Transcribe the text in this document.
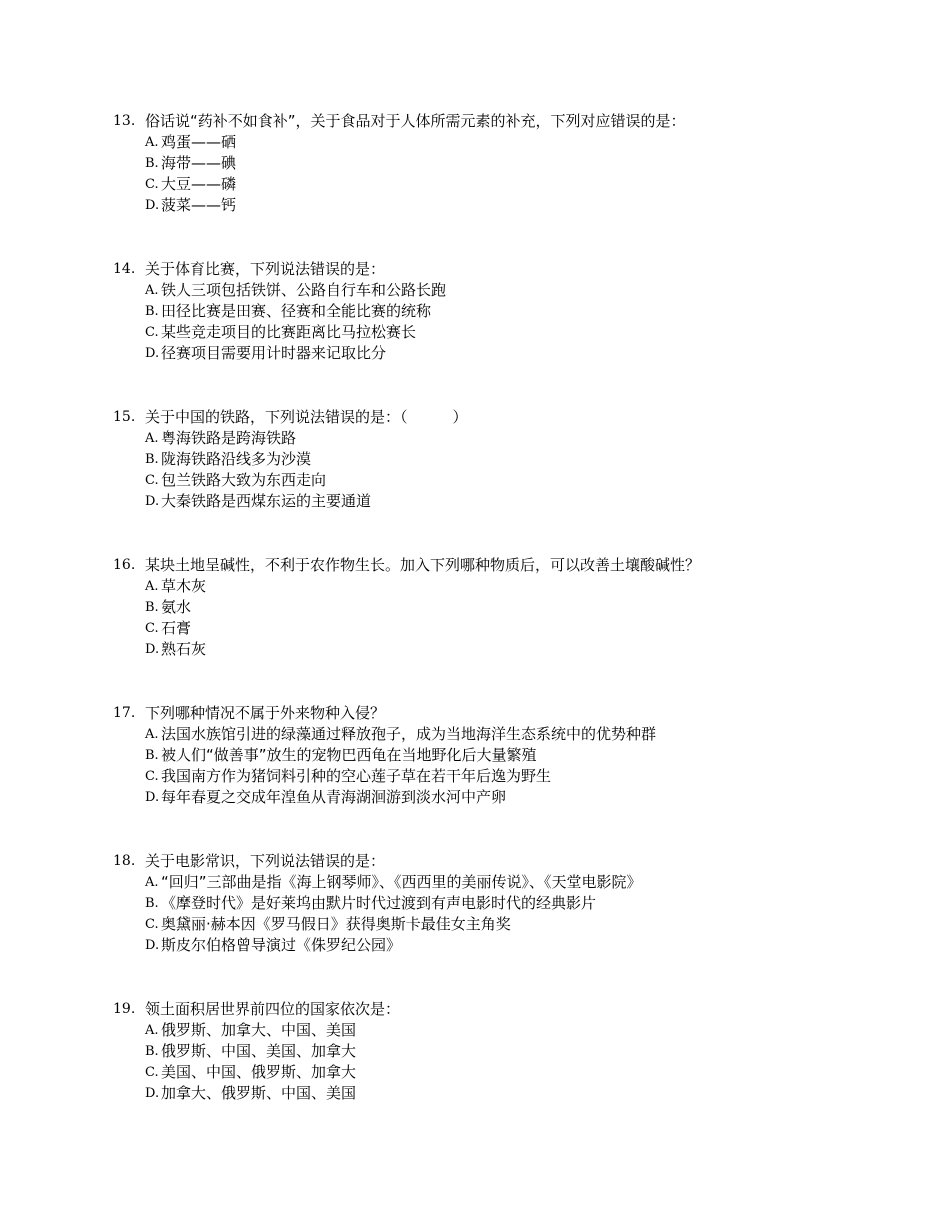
13. 俗话说“药补不如食补”，关于食品对于人体所需元素的补充，下列对应错误的是：
A. 鸡蛋——硒
B. 海带——碘
C. 大豆——磷
D. 菠菜——钙
14. 关于体育比赛，下列说法错误的是：
A. 铁人三项包括铁饼、公路自行车和公路长跑
B. 田径比赛是田赛、径赛和全能比赛的统称
C. 某些竞走项目的比赛距离比马拉松赛长
D. 径赛项目需要用计时器来记取比分
15. 关于中国的铁路，下列说法错误的是：（　　　）
A. 粤海铁路是跨海铁路
B. 陇海铁路沿线多为沙漠
C. 包兰铁路大致为东西走向
D. 大秦铁路是西煤东运的主要通道
16. 某块土地呈碱性，不利于农作物生长。加入下列哪种物质后，可以改善土壤酸碱性？
A. 草木灰
B. 氨水
C. 石膏
D. 熟石灰
17. 下列哪种情况不属于外来物种入侵？
A. 法国水族馆引进的绿藻通过释放孢子，成为当地海洋生态系统中的优势种群
B. 被人们“做善事”放生的宠物巴西龟在当地野化后大量繁殖
C. 我国南方作为猪饲料引种的空心莲子草在若干年后逸为野生
D. 每年春夏之交成年湟鱼从青海湖洄游到淡水河中产卵
18. 关于电影常识，下列说法错误的是：
A. “回归”三部曲是指《海上钢琴师》、《西西里的美丽传说》、《天堂电影院》
B. 《摩登时代》是好莱坞由默片时代过渡到有声电影时代的经典影片
C. 奥黛丽·赫本因《罗马假日》获得奥斯卡最佳女主角奖
D. 斯皮尔伯格曾导演过《侏罗纪公园》
19. 领土面积居世界前四位的国家依次是：
A. 俄罗斯、加拿大、中国、美国
B. 俄罗斯、中国、美国、加拿大
C. 美国、中国、俄罗斯、加拿大
D. 加拿大、俄罗斯、中国、美国
